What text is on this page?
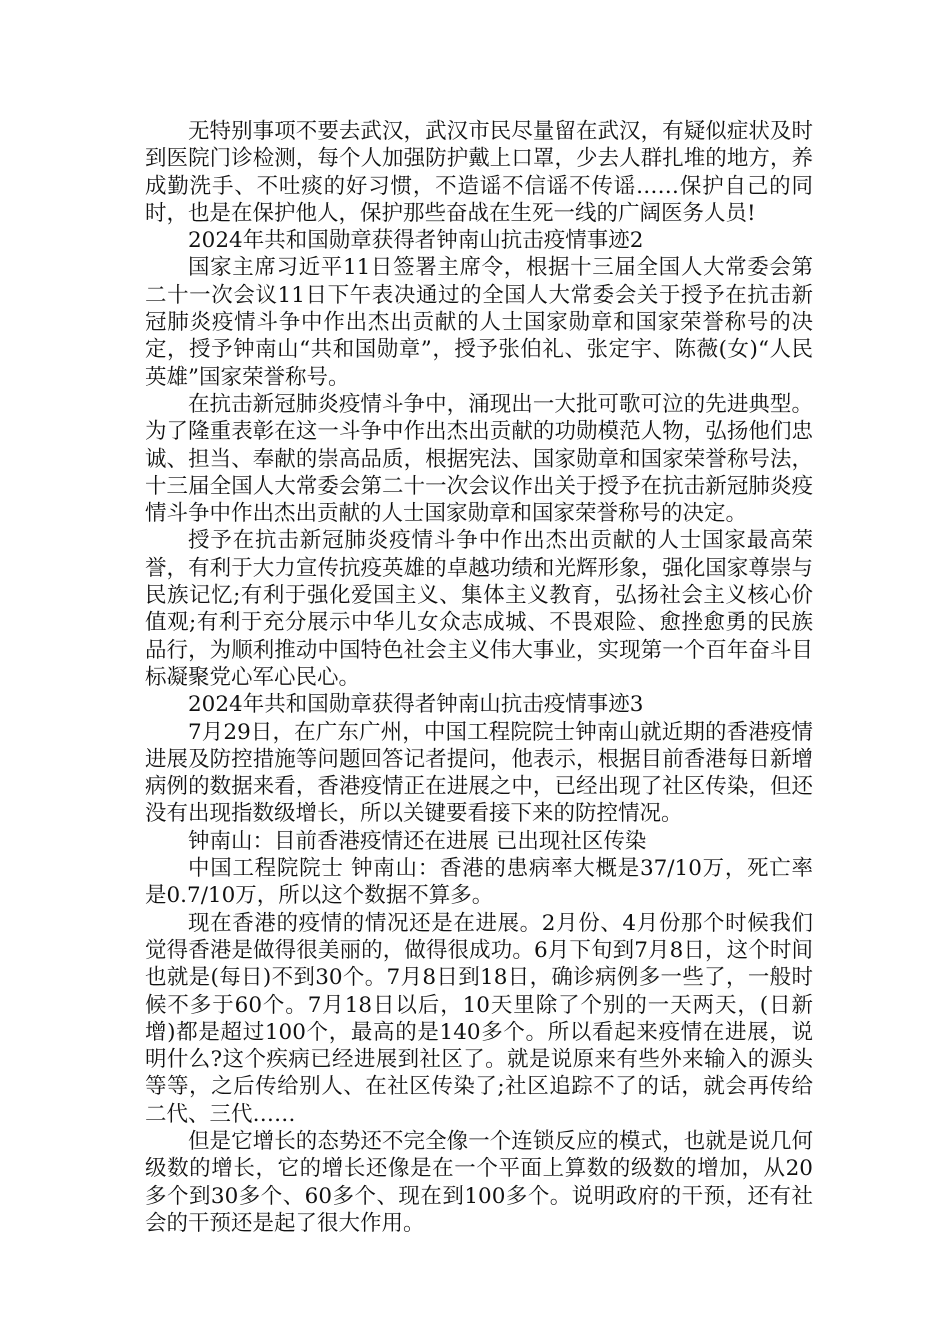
无特别事项不要去武汉，武汉市民尽量留在武汉，有疑似症状及时到医院门诊检测，每个人加强防护戴上口罩，少去人群扎堆的地方，养成勤洗手、不吐痰的好习惯，不造谣不信谣不传谣……保护自己的同时，也是在保护他人，保护那些奋战在生死一线的广阔医务人员!

2024年共和国勋章获得者钟南山抗击疫情事迹2

国家主席习近平11日签署主席令，根据十三届全国人大常委会第二十一次会议11日下午表决通过的全国人大常委会关于授予在抗击新冠肺炎疫情斗争中作出杰出贡献的人士国家勋章和国家荣誉称号的决定，授予钟南山“共和国勋章”，授予张伯礼、张定宇、陈薇(女)“人民英雄”国家荣誉称号。

在抗击新冠肺炎疫情斗争中，涌现出一大批可歌可泣的先进典型。为了隆重表彰在这一斗争中作出杰出贡献的功勋模范人物，弘扬他们忠诚、担当、奉献的崇高品质，根据宪法、国家勋章和国家荣誉称号法，十三届全国人大常委会第二十一次会议作出关于授予在抗击新冠肺炎疫情斗争中作出杰出贡献的人士国家勋章和国家荣誉称号的决定。

授予在抗击新冠肺炎疫情斗争中作出杰出贡献的人士国家最高荣誉，有利于大力宣传抗疫英雄的卓越功绩和光辉形象，强化国家尊崇与民族记忆;有利于强化爱国主义、集体主义教育，弘扬社会主义核心价值观;有利于充分展示中华儿女众志成城、不畏艰险、愈挫愈勇的民族品行，为顺利推动中国特色社会主义伟大事业，实现第一个百年奋斗目标凝聚党心军心民心。

2024年共和国勋章获得者钟南山抗击疫情事迹3

7月29日，在广东广州，中国工程院院士钟南山就近期的香港疫情进展及防控措施等问题回答记者提问，他表示，根据目前香港每日新增病例的数据来看，香港疫情正在进展之中，已经出现了社区传染，但还没有出现指数级增长，所以关键要看接下来的防控情况。

钟南山：目前香港疫情还在进展 已出现社区传染

中国工程院院士 钟南山：香港的患病率大概是37/10万，死亡率是0.7/10万，所以这个数据不算多。

现在香港的疫情的情况还是在进展。2月份、4月份那个时候我们觉得香港是做得很美丽的，做得很成功。6月下旬到7月8日，这个时间也就是(每日)不到30个。7月8日到18日，确诊病例多一些了，一般时候不多于60个。7月18日以后，10天里除了个别的一天两天，(日新增)都是超过100个，最高的是140多个。所以看起来疫情在进展，说明什么?这个疾病已经进展到社区了。就是说原来有些外来输入的源头等等，之后传给别人、在社区传染了;社区追踪不了的话，就会再传给二代、三代……

但是它增长的态势还不完全像一个连锁反应的模式，也就是说几何级数的增长，它的增长还像是在一个平面上算数的级数的增加，从20多个到30多个、60多个、现在到100多个。说明政府的干预，还有社会的干预还是起了很大作用。
